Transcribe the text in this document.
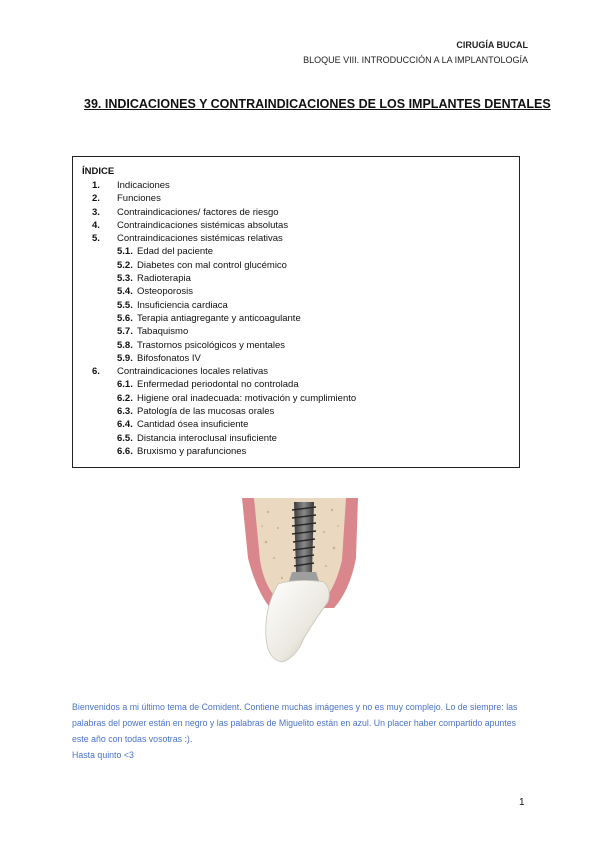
CIRUGÍA BUCAL
BLOQUE VIII. INTRODUCCIÓN A LA IMPLANTOLOGÍA
39. INDICACIONES Y CONTRAINDICACIONES DE LOS IMPLANTES DENTALES
ÍNDICE
1. Indicaciones
2. Funciones
3. Contraindicaciones/ factores de riesgo
4. Contraindicaciones sistémicas absolutas
5. Contraindicaciones sistémicas relativas
5.1. Edad del paciente
5.2. Diabetes con mal control glucémico
5.3. Radioterapia
5.4. Osteoporosis
5.5. Insuficiencia cardiaca
5.6. Terapia antiagregante y anticoagulante
5.7. Tabaquismo
5.8. Trastornos psicológicos y mentales
5.9. Bifosfonatos IV
6. Contraindicaciones locales relativas
6.1. Enfermedad periodontal no controlada
6.2. Higiene oral inadecuada: motivación y cumplimiento
6.3. Patología de las mucosas orales
6.4. Cantidad ósea insuficiente
6.5. Distancia interoclusal insuficiente
6.6. Bruxismo y parafunciones

Bienvenidos a mi último tema de Comident. Contiene muchas imágenes y no es muy complejo. Lo de siempre: las palabras del power están en negro y las palabras de Miguelito están en azul. Un placer haber compartido apuntes este año con todas vosotras :).

Hasta quinto <3

1
